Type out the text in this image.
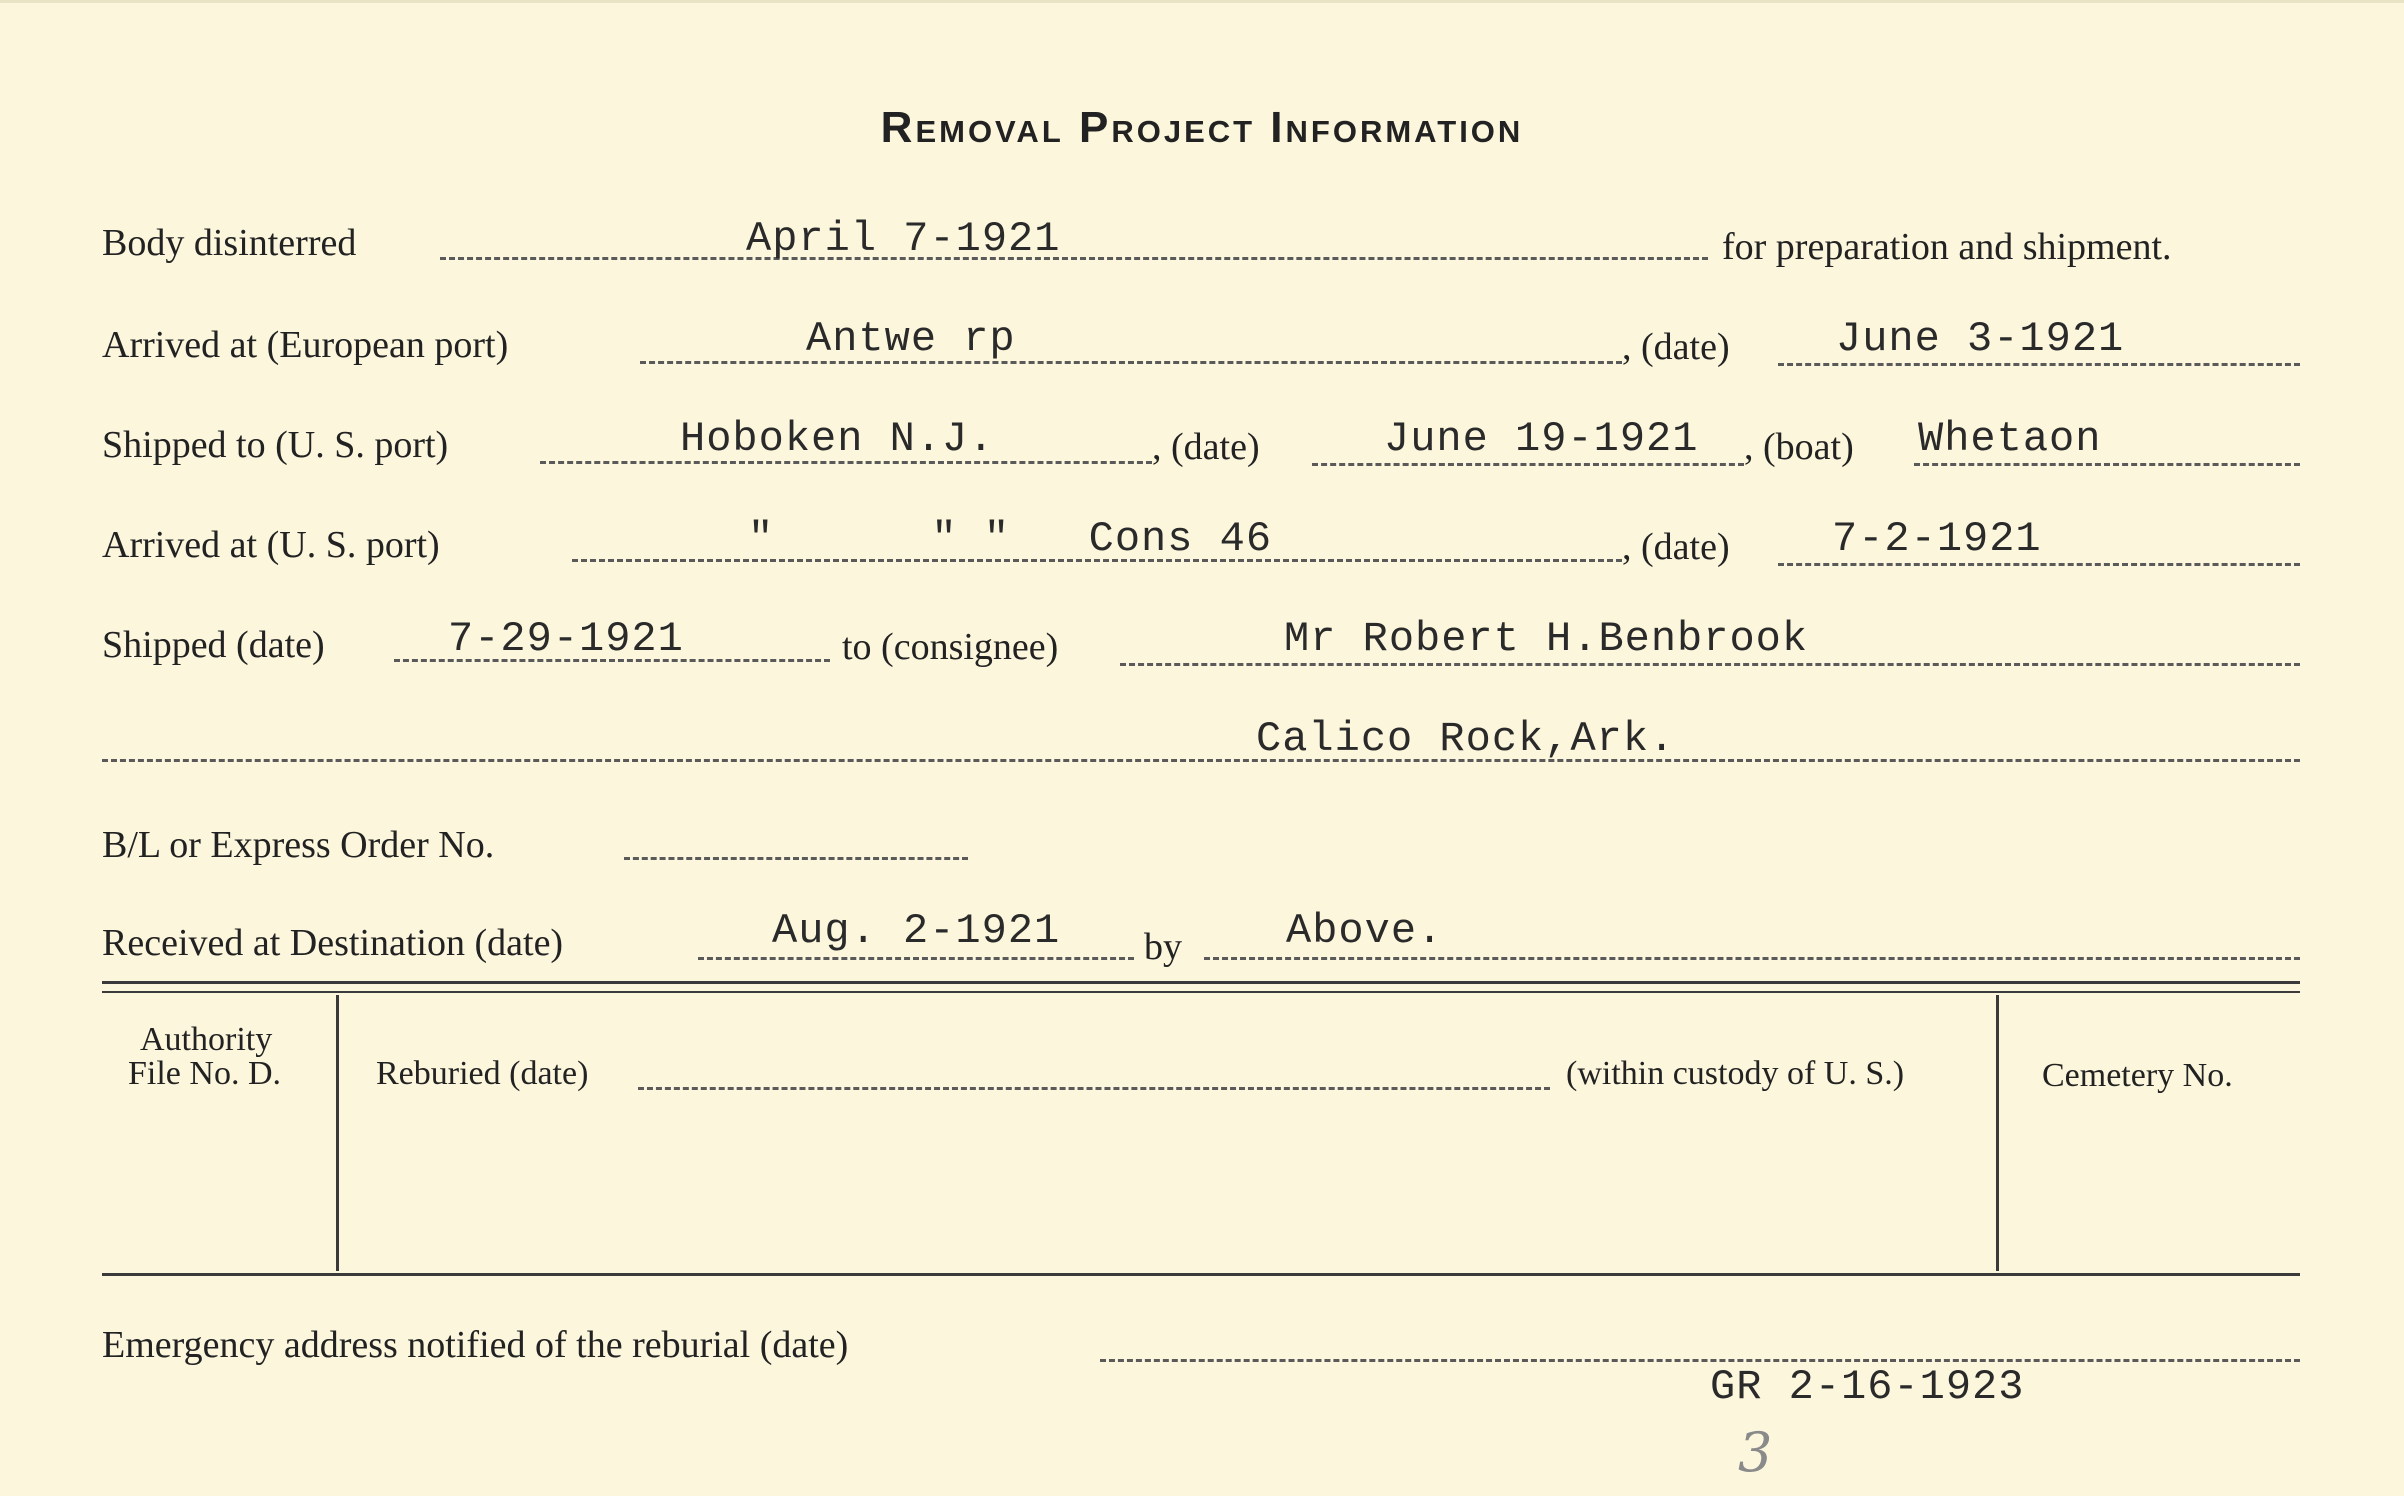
Removal Project Information
Body disinterred	April 7-1921	for preparation and shipment.
Arrived at (European port)	Antwe rp	, (date)	June 3-1921
Shipped to (U. S. port)	Hoboken N.J.	, (date)	June 19-1921 , (boat) Whetaon
Arrived at (U. S. port)	"      " "   Cons 46	, (date) 7-2-1921
Shipped (date)	7-29-1921	to (consignee)	Mr Robert H.Benbrook
Calico Rock,Ark.
B/L or Express Order No.
Received at Destination (date)	Aug. 2-1921 by Above.
Authority
File No. D.	Reburied (date)	(within custody of U. S.)	Cemetery No.
Emergency address notified of the reburial (date)
GR 2-16-1923
3
